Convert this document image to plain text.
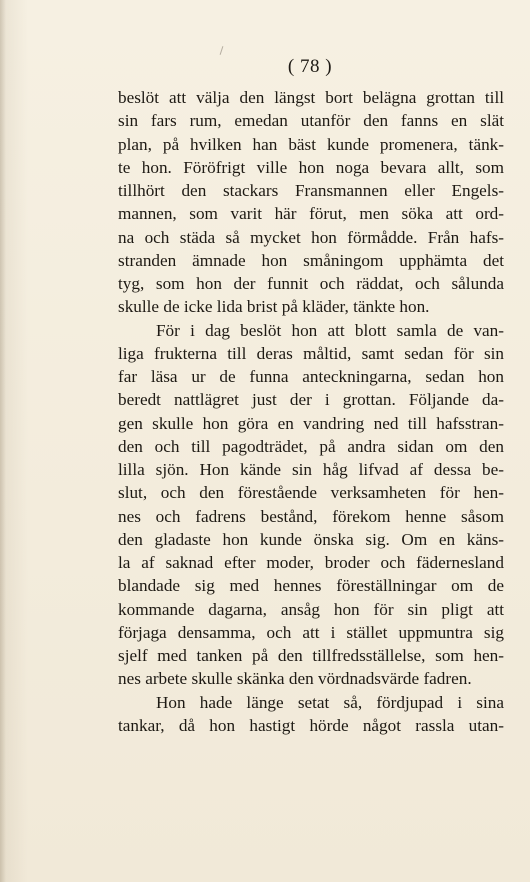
( 78 )
beslöt att välja den längst bort belägna grottan till
sin fars rum, emedan utanför den fanns en slät
plan, på hvilken han bäst kunde promenera, tänk-
te hon. Föröfrigt ville hon noga bevara allt, som
tillhört den stackars Fransmannen eller Engels-
mannen, som varit här förut, men söka att ord-
na och städa så mycket hon förmådde. Från hafs-
stranden ämnade hon småningom upphämta det
tyg, som hon der funnit och räddat, och sålunda
skulle de icke lida brist på kläder, tänkte hon.
För i dag beslöt hon att blott samla de van-
liga frukterna till deras måltid, samt sedan för sin
far läsa ur de funna anteckningarna, sedan hon
beredt nattlägret just der i grottan. Följande da-
gen skulle hon göra en vandring ned till hafsstran-
den och till pagodträdet, på andra sidan om den
lilla sjön. Hon kände sin håg lifvad af dessa be-
slut, och den förestående verksamheten för hen-
nes och fadrens bestånd, förekom henne såsom
den gladaste hon kunde önska sig. Om en käns-
la af saknad efter moder, broder och fädernesland
blandade sig med hennes föreställningar om de
kommande dagarna, ansåg hon för sin pligt att
förjaga densamma, och att i stället uppmuntra sig
sjelf med tanken på den tillfredsställelse, som hen-
nes arbete skulle skänka den vördnadsvärde fadren.
Hon hade länge setat så, fördjupad i sina
tankar, då hon hastigt hörde något rassla utan-
